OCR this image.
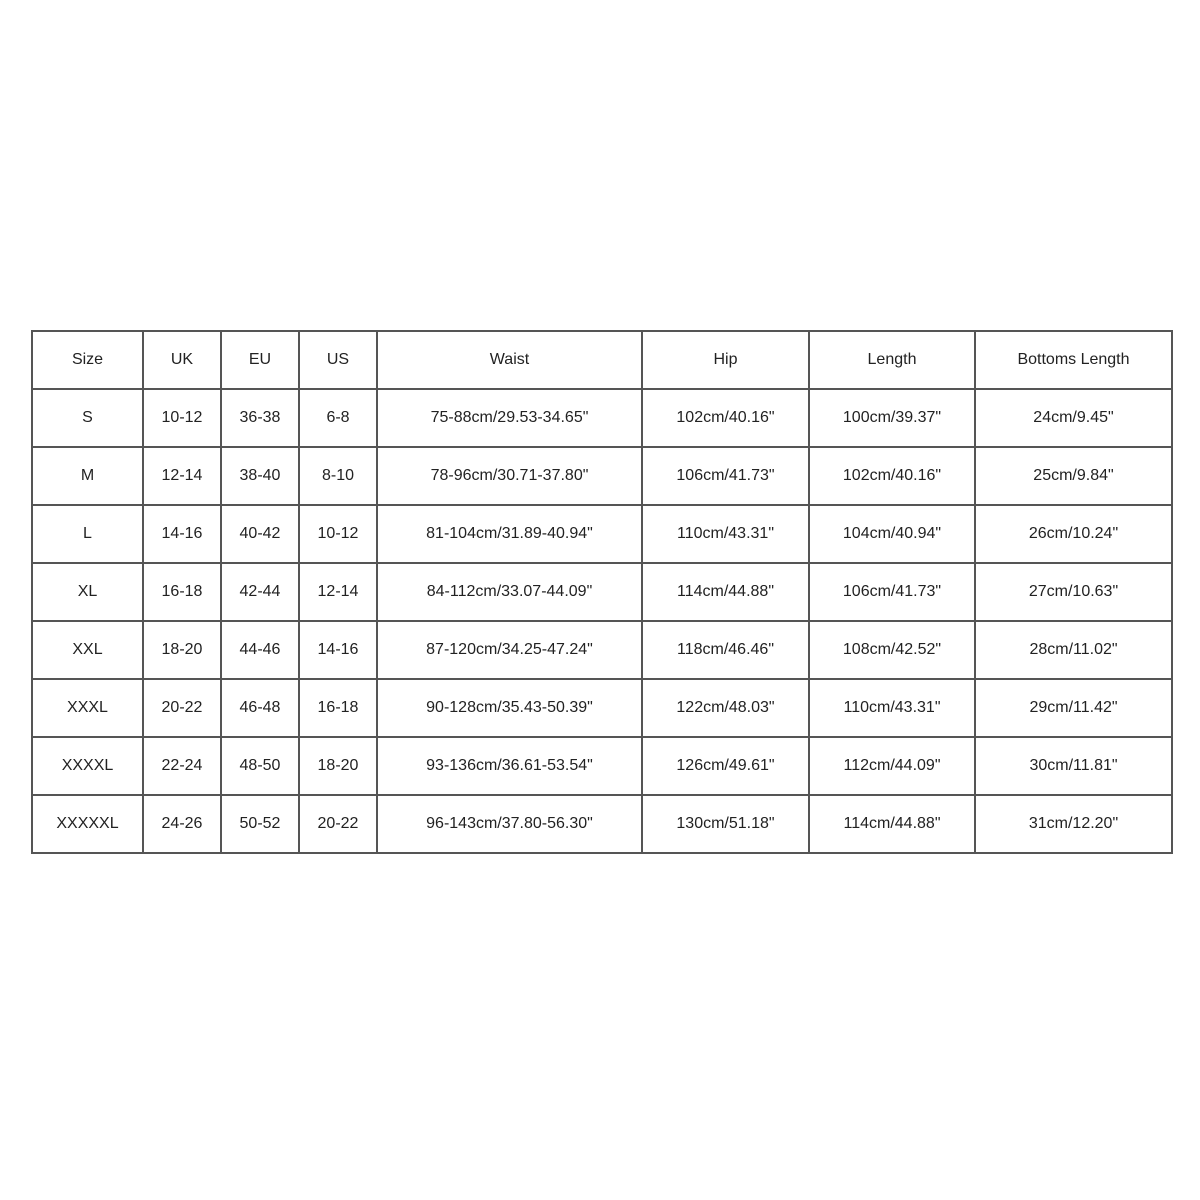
Size	UK	EU	US	Waist	Hip	Length	Bottoms Length
S	10-12	36-38	6-8	75-88cm/29.53-34.65"	102cm/40.16"	100cm/39.37"	24cm/9.45"
M	12-14	38-40	8-10	78-96cm/30.71-37.80"	106cm/41.73"	102cm/40.16"	25cm/9.84"
L	14-16	40-42	10-12	81-104cm/31.89-40.94"	110cm/43.31"	104cm/40.94"	26cm/10.24"
XL	16-18	42-44	12-14	84-112cm/33.07-44.09"	114cm/44.88"	106cm/41.73"	27cm/10.63"
XXL	18-20	44-46	14-16	87-120cm/34.25-47.24"	118cm/46.46"	108cm/42.52"	28cm/11.02"
XXXL	20-22	46-48	16-18	90-128cm/35.43-50.39"	122cm/48.03"	110cm/43.31"	29cm/11.42"
XXXXL	22-24	48-50	18-20	93-136cm/36.61-53.54"	126cm/49.61"	112cm/44.09"	30cm/11.81"
XXXXXL	24-26	50-52	20-22	96-143cm/37.80-56.30"	130cm/51.18"	114cm/44.88"	31cm/12.20"
